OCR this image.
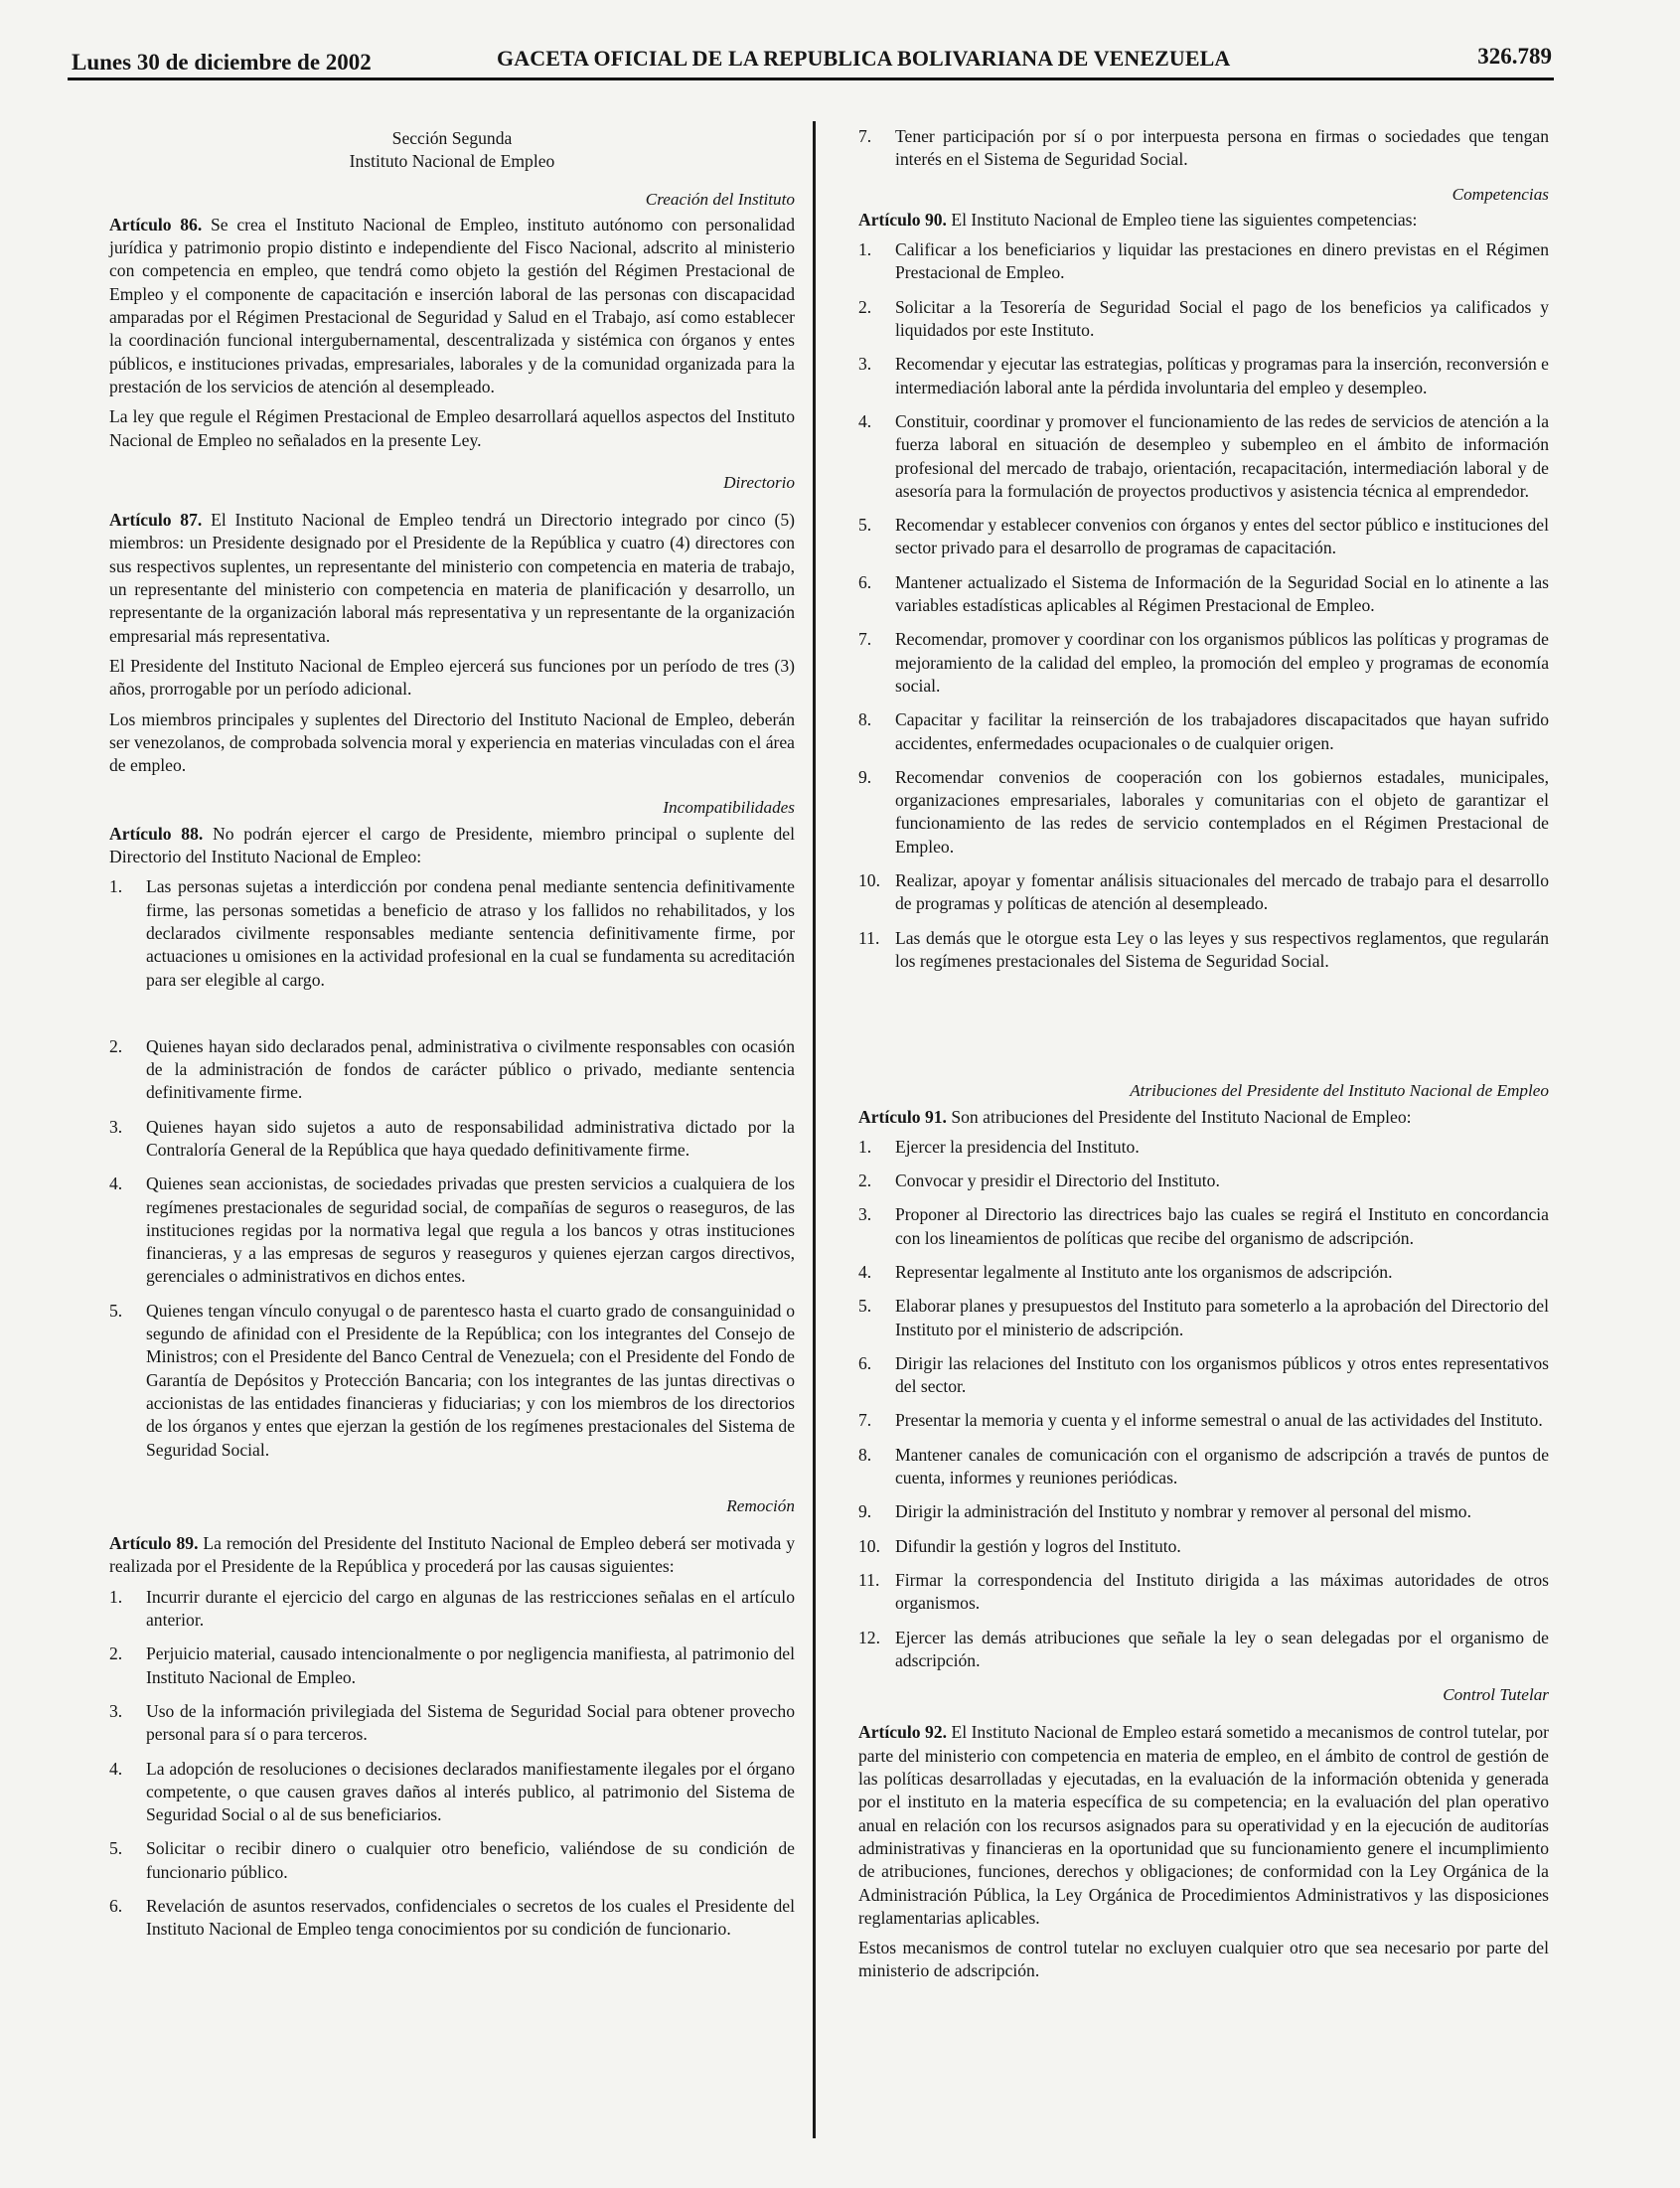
Lunes 30 de diciembre de 2002	GACETA OFICIAL DE LA REPUBLICA BOLIVARIANA DE VENEZUELA	326.789
Sección Segunda
Instituto Nacional de Empleo
Creación del Instituto

Artículo 86. Se crea el Instituto Nacional de Empleo, instituto autónomo con personalidad jurídica y patrimonio propio distinto e independiente del Fisco Nacional, adscrito al ministerio con competencia en empleo, que tendrá como objeto la gestión del Régimen Prestacional de Empleo y el componente de capacitación e inserción laboral de las personas con discapacidad amparadas por el Régimen Prestacional de Seguridad y Salud en el Trabajo, así como establecer la coordinación funcional intergubernamental, descentralizada y sistémica con órganos y entes públicos, e instituciones privadas, empresariales, laborales y de la comunidad organizada para la prestación de los servicios de atención al desempleado.

La ley que regule el Régimen Prestacional de Empleo desarrollará aquellos aspectos del Instituto Nacional de Empleo no señalados en la presente Ley.

Directorio

Artículo 87. El Instituto Nacional de Empleo tendrá un Directorio integrado por cinco (5) miembros: un Presidente designado por el Presidente de la República y cuatro (4) directores con sus respectivos suplentes, un representante del ministerio con competencia en materia de trabajo, un representante del ministerio con competencia en materia de planificación y desarrollo, un representante de la organización laboral más representativa y un representante de la organización empresarial más representativa.

El Presidente del Instituto Nacional de Empleo ejercerá sus funciones por un período de tres (3) años, prorrogable por un período adicional.

Los miembros principales y suplentes del Directorio del Instituto Nacional de Empleo, deberán ser venezolanos, de comprobada solvencia moral y experiencia en materias vinculadas con el área de empleo.

Incompatibilidades

Artículo 88. No podrán ejercer el cargo de Presidente, miembro principal o suplente del Directorio del Instituto Nacional de Empleo:

1.	Las personas sujetas a interdicción por condena penal mediante sentencia definitivamente firme, las personas sometidas a beneficio de atraso y los fallidos no rehabilitados, y los declarados civilmente responsables mediante sentencia definitivamente firme, por actuaciones u omisiones en la actividad profesional en la cual se fundamenta su acreditación para ser elegible al cargo.
2.	Quienes hayan sido declarados penal, administrativa o civilmente responsables con ocasión de la administración de fondos de carácter público o privado, mediante sentencia definitivamente firme.
3.	Quienes hayan sido sujetos a auto de responsabilidad administrativa dictado por la Contraloría General de la República que haya quedado definitivamente firme.
4.	Quienes sean accionistas, de sociedades privadas que presten servicios a cualquiera de los regímenes prestacionales de seguridad social, de compañías de seguros o reaseguros, de las instituciones regidas por la normativa legal que regula a los bancos y otras instituciones financieras, y a las empresas de seguros y reaseguros y quienes ejerzan cargos directivos, gerenciales o administrativos en dichos entes.
5.	Quienes tengan vínculo conyugal o de parentesco hasta el cuarto grado de consanguinidad o segundo de afinidad con el Presidente de la República; con los integrantes del Consejo de Ministros; con el Presidente del Banco Central de Venezuela; con el Presidente del Fondo de Garantía de Depósitos y Protección Bancaria; con los integrantes de las juntas directivas o accionistas de las entidades financieras y fiduciarias; y con los miembros de los directorios de los órganos y entes que ejerzan la gestión de los regímenes prestacionales del Sistema de Seguridad Social.
Remoción

Artículo 89. La remoción del Presidente del Instituto Nacional de Empleo deberá ser motivada y realizada por el Presidente de la República y procederá por las causas siguientes:

1.	Incurrir durante el ejercicio del cargo en algunas de las restricciones señalas en el artículo anterior.
2.	Perjuicio material, causado intencionalmente o por negligencia manifiesta, al patrimonio del Instituto Nacional de Empleo.
3.	Uso de la información privilegiada del Sistema de Seguridad Social para obtener provecho personal para sí o para terceros.
4.	La adopción de resoluciones o decisiones declarados manifiestamente ilegales por el órgano competente, o que causen graves daños al interés publico, al patrimonio del Sistema de Seguridad Social o al de sus beneficiarios.
5.	Solicitar o recibir dinero o cualquier otro beneficio, valiéndose de su condición de funcionario público.
6.	Revelación de asuntos reservados, confidenciales o secretos de los cuales el Presidente del Instituto Nacional de Empleo tenga conocimientos por su condición de funcionario.
7.	Tener participación por sí o por interpuesta persona en firmas o sociedades que tengan interés en el Sistema de Seguridad Social.
Competencias

Artículo 90. El Instituto Nacional de Empleo tiene las siguientes competencias:

1.	Calificar a los beneficiarios y liquidar las prestaciones en dinero previstas en el Régimen Prestacional de Empleo.
2.	Solicitar a la Tesorería de Seguridad Social el pago de los beneficios ya calificados y liquidados por este Instituto.
3.	Recomendar y ejecutar las estrategias, políticas y programas para la inserción, reconversión e intermediación laboral ante la pérdida involuntaria del empleo y desempleo.
4.	Constituir, coordinar y promover el funcionamiento de las redes de servicios de atención a la fuerza laboral en situación de desempleo y subempleo en el ámbito de información profesional del mercado de trabajo, orientación, recapacitación, intermediación laboral y de asesoría para la formulación de proyectos productivos y asistencia técnica al emprendedor.
5.	Recomendar y establecer convenios con órganos y entes del sector público e instituciones del sector privado para el desarrollo de programas de capacitación.
6.	Mantener actualizado el Sistema de Información de la Seguridad Social en lo atinente a las variables estadísticas aplicables al Régimen Prestacional de Empleo.
7.	Recomendar, promover y coordinar con los organismos públicos las políticas y programas de mejoramiento de la calidad del empleo, la promoción del empleo y programas de economía social.
8.	Capacitar y facilitar la reinserción de los trabajadores discapacitados que hayan sufrido accidentes, enfermedades ocupacionales o de cualquier origen.
9.	Recomendar convenios de cooperación con los gobiernos estadales, municipales, organizaciones empresariales, laborales y comunitarias con el objeto de garantizar el funcionamiento de las redes de servicio contemplados en el Régimen Prestacional de Empleo.
10. Realizar, apoyar y fomentar análisis situacionales del mercado de trabajo para el desarrollo de programas y políticas de atención al desempleado.
11. Las demás que le otorgue esta Ley o las leyes y sus respectivos reglamentos, que regularán los regímenes prestacionales del Sistema de Seguridad Social.
Atribuciones del Presidente del Instituto Nacional de Empleo

Artículo 91. Son atribuciones del Presidente del Instituto Nacional de Empleo:

1.	Ejercer la presidencia del Instituto.
2.	Convocar y presidir el Directorio del Instituto.
3.	Proponer al Directorio las directrices bajo las cuales se regirá el Instituto en concordancia con los lineamientos de políticas que recibe del organismo de adscripción.
4.	Representar legalmente al Instituto ante los organismos de adscripción.
5.	Elaborar planes y presupuestos del Instituto para someterlo a la aprobación del Directorio del Instituto por el ministerio de adscripción.
6.	Dirigir las relaciones del Instituto con los organismos públicos y otros entes representativos del sector.
7.	Presentar la memoria y cuenta y el informe semestral o anual de las actividades del Instituto.
8.	Mantener canales de comunicación con el organismo de adscripción a través de puntos de cuenta, informes y reuniones periódicas.
9.	Dirigir la administración del Instituto y nombrar y remover al personal del mismo.
10. Difundir la gestión y logros del Instituto.
11. Firmar la correspondencia del Instituto dirigida a las máximas autoridades de otros organismos.
12. Ejercer las demás atribuciones que señale la ley o sean delegadas por el organismo de adscripción.
Control Tutelar

Artículo 92. El Instituto Nacional de Empleo estará sometido a mecanismos de control tutelar, por parte del ministerio con competencia en materia de empleo, en el ámbito de control de gestión de las políticas desarrolladas y ejecutadas, en la evaluación de la información obtenida y generada por el instituto en la materia específica de su competencia; en la evaluación del plan operativo anual en relación con los recursos asignados para su operatividad y en la ejecución de auditorías administrativas y financieras en la oportunidad que su funcionamiento genere el incumplimiento de atribuciones, funciones, derechos y obligaciones; de conformidad con la Ley Orgánica de la Administración Pública, la Ley Orgánica de Procedimientos Administrativos y las disposiciones reglamentarias aplicables.

Estos mecanismos de control tutelar no excluyen cualquier otro que sea necesario por parte del ministerio de adscripción.
